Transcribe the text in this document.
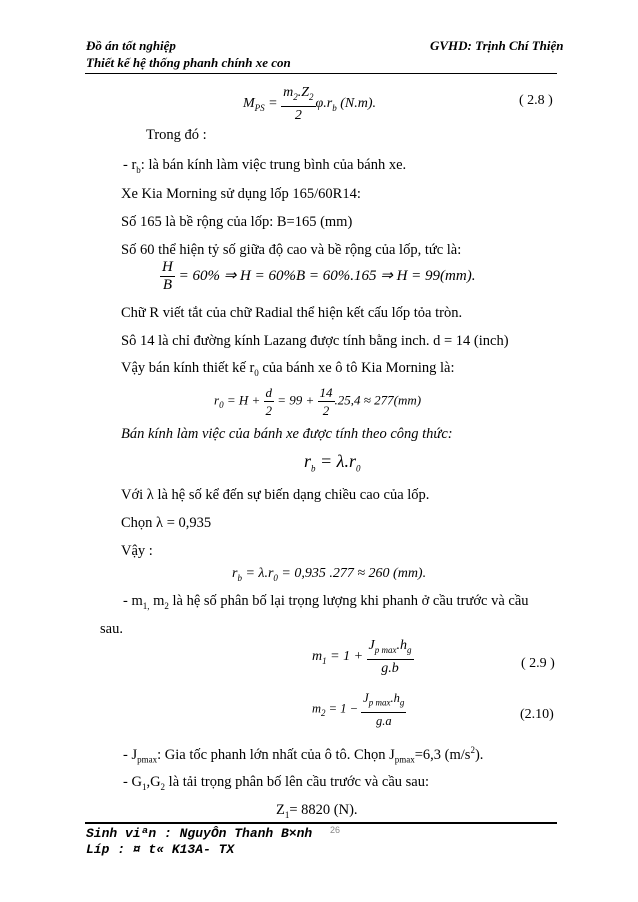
Đồ án tốt nghiệp
Thiết kế hệ thống phanh chính xe con
GVHD: Trịnh Chí Thiện
$M_{PS} = \frac{m_2.Z_2}{2} \varphi.r_b$ (N.m).	( 2.8 )
Trong đó :
- $r_b$: là bán kính làm việc trung bình của bánh xe.
Xe Kia Morning sử dụng lốp 165/60R14:
Số 165 là bề rộng của lốp: B=165 (mm)
Số 60 thể hiện tỷ số giữa độ cao và bề rộng của lốp, tức là:
$\frac{H}{B} = 60\%$ ⇒ H = 60%B = 60%.165 ⇒ H = 99(mm).
Chữ R viết tắt của chữ Radial thể hiện kết cấu lốp tỏa tròn.
Sô 14 là chỉ đường kính Lazang được tính bằng inch. d = 14 (inch)
Vậy bán kính thiết kế $r_0$ của bánh xe ô tô Kia Morning là:
$r_0 = H + \frac{d}{2} = 99 + \frac{14}{2} .25,4 \approx 277(mm)$
Bán kính làm việc của bánh xe được tính theo công thức:
$r_b = \lambda.r_0$
Với λ là hệ số kể đến sự biến dạng chiều cao của lốp.
Chọn λ = 0,935
Vậy :
$r_b = \lambda.r_0 = 0,935$ .277 ≈ 260 (mm).
- $m_{1,}$ $m_2$ là hệ số phân bố lại trọng lượng khi phanh ở cầu trước và cầu
sau.
$m_1 = 1 + \frac{J_{p max}.h_g}{g.b}$	( 2.9 )
$m_2 = 1 - \frac{J_{p max}.h_g}{g.a}$	(2.10)
- $J_{pmax}$: Gia tốc phanh lớn nhất của ô tô. Chọn $J_{pmax}=6,3$ $(m/s^2)$.
- $G_1,G_2$ là tải trọng phân bố lên cầu trước và cầu sau:
$Z_1= 8820$ (N).
Sinh viªn : NguyÔn Thanh B×nh 26
Líp : ¤ t« K13A- TX
